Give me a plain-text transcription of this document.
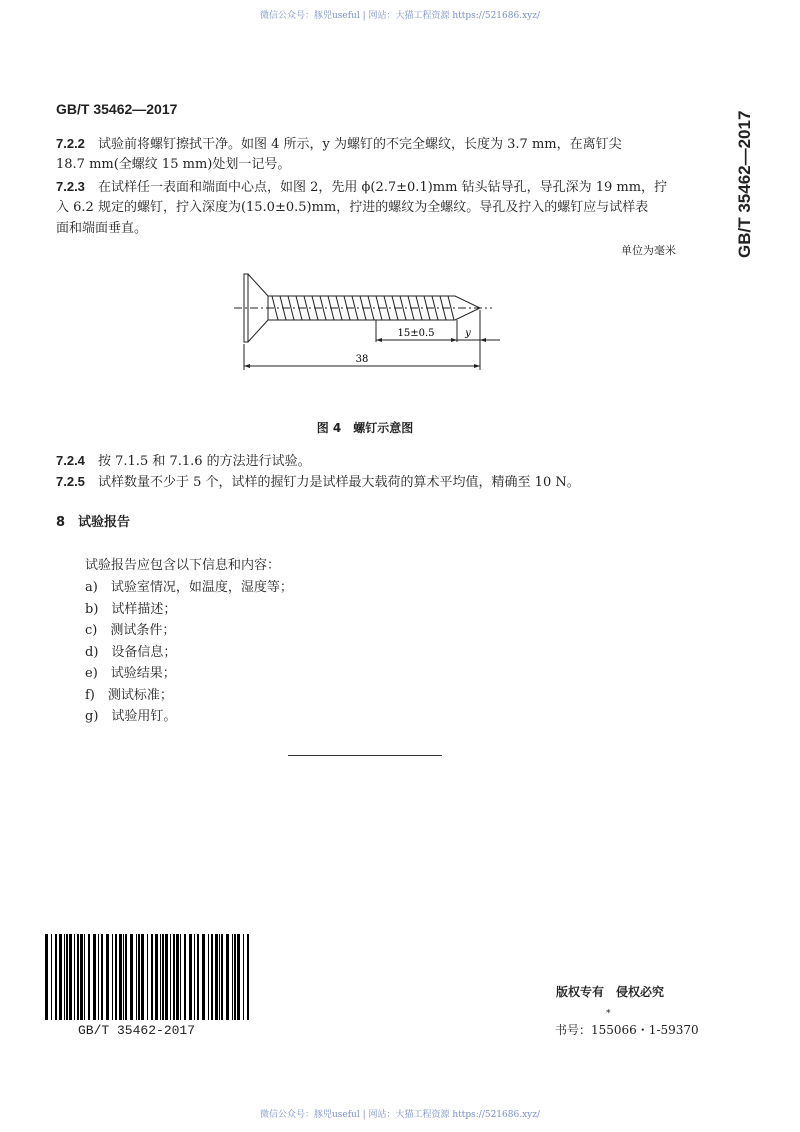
微信公众号：豚兕useful | 网站：大猫工程资源 https://521686.xyz/
GB/T 35462—2017
GB/T 35462—2017
7.2.2 试验前将螺钉擦拭干净。如图 4 所示，y 为螺钉的不完全螺纹，长度为 3.7 mm，在离钉尖
18.7 mm(全螺纹 15 mm)处划一记号。
7.2.3 在试样任一表面和端面中心点，如图 2，先用 ϕ(2.7±0.1)mm 钻头钻导孔，导孔深为 19 mm，拧
入 6.2 规定的螺钉，拧入深度为(15.0±0.5)mm，拧进的螺纹为全螺纹。导孔及拧入的螺钉应与试样表
面和端面垂直。
单位为毫米
15±0.5	y
38
图 4　螺钉示意图
7.2.4 按 7.1.5 和 7.1.6 的方法进行试验。
7.2.5 试样数量不少于 5 个，试样的握钉力是试样最大载荷的算术平均值，精确至 10 N。
8 试验报告
试验报告应包含以下信息和内容：
a)　试验室情况，如温度，湿度等；
b)　试样描述；
c)　测试条件；
d)　设备信息；
e)　试验结果；
f)　测试标准；
g)　试验用钉。
GB/T 35462-2017
版权专有　侵权必究
*
书号：155066・1-59370
微信公众号：豚兕useful | 网站：大猫工程资源 https://521686.xyz/
